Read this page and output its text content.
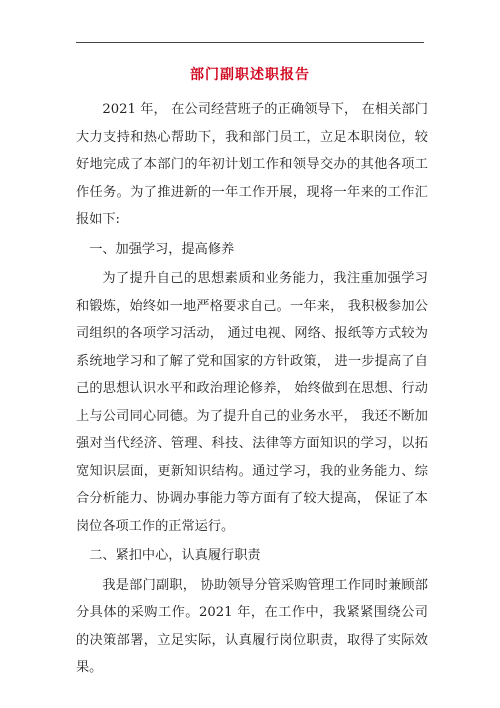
部门副职述职报告

2021 年， 在公司经营班子的正确领导下， 在相关部门大力支持和热心帮助下，我和部门员工，立足本职岗位，较好地完成了本部门的年初计划工作和领导交办的其他各项工作任务。为了推进新的一年工作开展，现将一年来的工作汇报如下:

一、加强学习，提高修养

为了提升自己的思想素质和业务能力，我注重加强学习和锻炼，始终如一地严格要求自己。一年来， 我积极参加公司组织的各项学习活动， 通过电视、网络、报纸等方式较为系统地学习和了解了党和国家的方针政策， 进一步提高了自己的思想认识水平和政治理论修养， 始终做到在思想、行动上与公司同心同德。为了提升自己的业务水平， 我还不断加强对当代经济、管理、科技、法律等方面知识的学习，以拓宽知识层面，更新知识结构。通过学习，我的业务能力、综合分析能力、协调办事能力等方面有了较大提高， 保证了本岗位各项工作的正常运行。

二、紧扣中心，认真履行职责

我是部门副职， 协助领导分管采购管理工作同时兼顾部分具体的采购工作。2021 年，在工作中，我紧紧围绕公司的决策部署，立足实际，认真履行岗位职责，取得了实际效果。
